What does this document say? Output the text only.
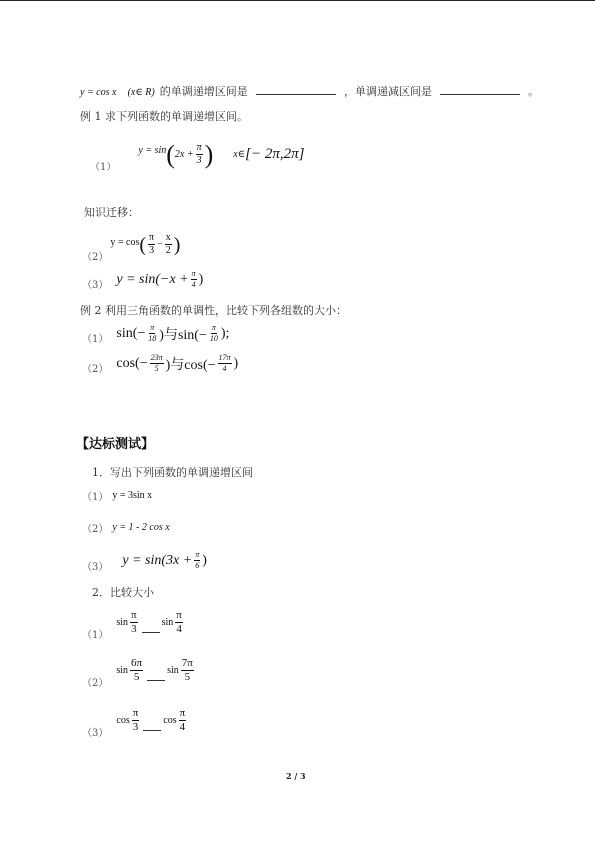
y = cos x (x∈ R) 的单调递增区间是	，单调递减区间是	。
例 1 求下列函数的单调递增区间。
（1）
y = sin ( $2x + \frac{\pi}{3}$ ) x∈ [− 2π,2π]
知识迁移：
（2）
y = cos ( $\frac{\pi}{3} - \frac{x}{2}$ )
（3） $y = \sin(-x + \frac{\pi}{4}$ )
例 2 利用三角函数的单调性，比较下列各组数的大小：
（1） $\sin(- \frac{\pi}{18}$ )与$\sin(- \frac{\pi}{10}$ );
（2） $\cos(- \frac{23\pi}{5}$ )与$\cos(- \frac{17\pi}{4}$ )
【达标测试】
1．写出下列函数的单调递增区间
（1） y = 3sin x
（2） y = 1 - 2 cos x
（3） $y = \sin(3x + \frac{\pi}{6}$ )
2．比较大小
（1）
$\sin \frac{\pi}{3}$ $\sin \frac{\pi}{4}$
（2）
$\sin \frac{6\pi}{5}$ $\sin \frac{7\pi}{5}$
（3）
$\cos \frac{\pi}{3}$ $\cos \frac{\pi}{4}$
2 / 3
